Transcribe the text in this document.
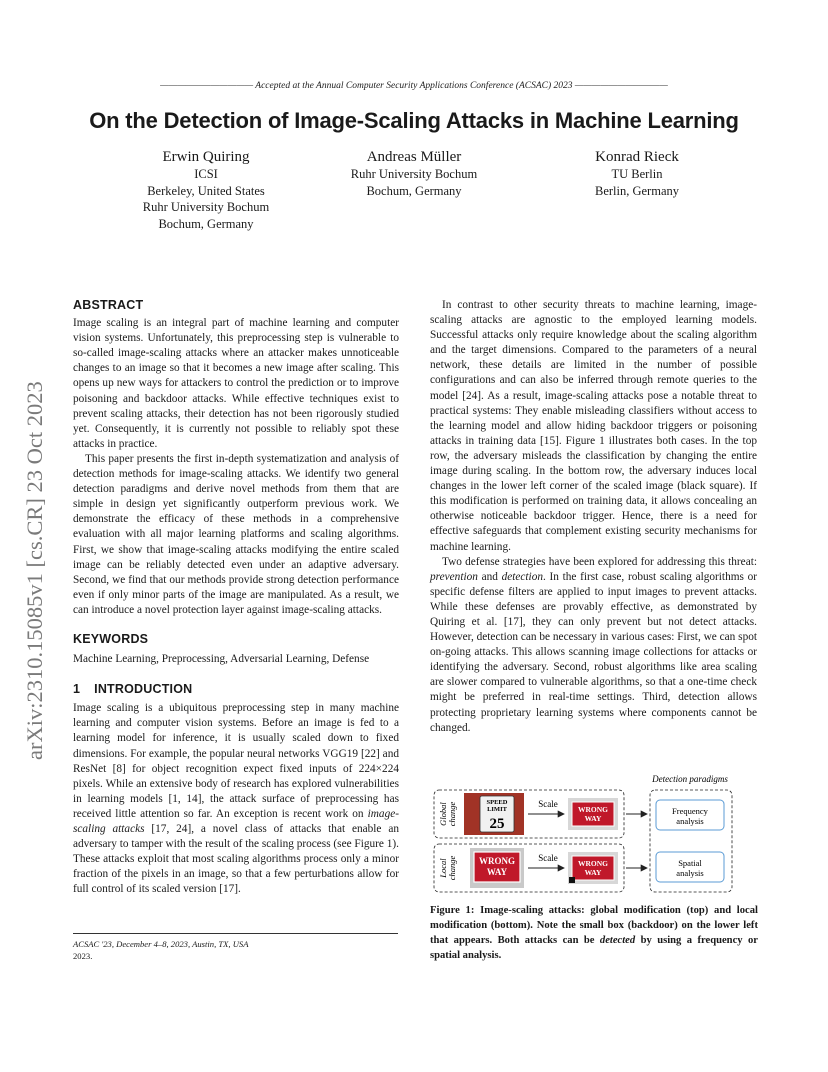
——————————— Accepted at the Annual Computer Security Applications Conference (ACSAC) 2023 ———————————
On the Detection of Image-Scaling Attacks in Machine Learning
Erwin Quiring
ICSI
Berkeley, United States
Ruhr University Bochum
Bochum, Germany
Andreas Müller
Ruhr University Bochum
Bochum, Germany
Konrad Rieck
TU Berlin
Berlin, Germany
arXiv:2310.15085v1 [cs.CR] 23 Oct 2023
ABSTRACT

Image scaling is an integral part of machine learning and computer vision systems. Unfortunately, this preprocessing step is vulnerable to so-called image-scaling attacks where an attacker makes unnoticeable changes to an image so that it becomes a new image after scaling. This opens up new ways for attackers to control the prediction or to improve poisoning and backdoor attacks. While effective techniques exist to prevent scaling attacks, their detection has not been rigorously studied yet. Consequently, it is currently not possible to reliably spot these attacks in practice.

This paper presents the first in-depth systematization and analysis of detection methods for image-scaling attacks. We identify two general detection paradigms and derive novel methods from them that are simple in design yet significantly outperform previous work. We demonstrate the efficacy of these methods in a comprehensive evaluation with all major learning platforms and scaling algorithms. First, we show that image-scaling attacks modifying the entire scaled image can be reliably detected even under an adaptive adversary. Second, we find that our methods provide strong detection performance even if only minor parts of the image are manipulated. As a result, we can introduce a novel protection layer against image-scaling attacks.

KEYWORDS

Machine Learning, Preprocessing, Adversarial Learning, Defense

1 INTRODUCTION

Image scaling is a ubiquitous preprocessing step in many machine learning and computer vision systems. Before an image is fed to a learning model for inference, it is usually scaled down to fixed dimensions. For example, the popular neural networks VGG19 [22] and ResNet [8] for object recognition expect fixed inputs of 224×224 pixels. While an extensive body of research has explored vulnerabilities in learning models [1, 14], the attack surface of preprocessing has received little attention so far. An exception is recent work on image-scaling attacks [17, 24], a novel class of attacks that enable an adversary to tamper with the result of the scaling process (see Figure 1). These attacks exploit that most scaling algorithms process only a minor fraction of the pixels in an image, so that a few perturbations allow for full control of its scaled version [17].

ACSAC '23, December 4–8, 2023, Austin, TX, USA
2023.

In contrast to other security threats to machine learning, image-scaling attacks are agnostic to the employed learning models. Successful attacks only require knowledge about the scaling algorithm and the target dimensions. Compared to the parameters of a neural network, these details are limited in the number of possible configurations and can also be inferred through remote queries to the model [24]. As a result, image-scaling attacks pose a notable threat to practical systems: They enable misleading classifiers without access to the learning model and allow hiding backdoor triggers or poisoning attacks in training data [15]. Figure 1 illustrates both cases. In the top row, the adversary misleads the classification by changing the entire image during scaling. In the bottom row, the adversary induces local changes in the lower left corner of the scaled image (black square). If this modification is performed on training data, it allows concealing an otherwise noticeable backdoor trigger. Hence, there is a need for effective safeguards that complement existing security mechanisms for machine learning.

Two defense strategies have been explored for addressing this threat: prevention and detection. In the first case, robust scaling algorithms or specific defense filters are applied to input images to prevent attacks. While these defenses are provably effective, as demonstrated by Quiring et al. [17], they can only prevent but not detect attacks. However, detection can be necessary in various cases: First, we can spot on-going attacks. This allows scanning image collections for attacks or identifying the adversary. Second, robust algorithms like area scaling are slower compared to vulnerable algorithms, so that a one-time check might be preferred in real-time settings. Third, detection allows protecting proprietary learning systems where components cannot be changed.

Detection paradigms
Globalchange	SPEED
LIMIT
25
Scale
WRONG
WAY
Localchange WRONG
WAY
Scale
WRONG
WAY
Frequency
analysis
Spatial
analysis
Figure 1: Image-scaling attacks: global modification (top) and local modification (bottom). Note the small box (backdoor) on the lower left that appears. Both attacks can be detected by using a frequency or spatial analysis.
